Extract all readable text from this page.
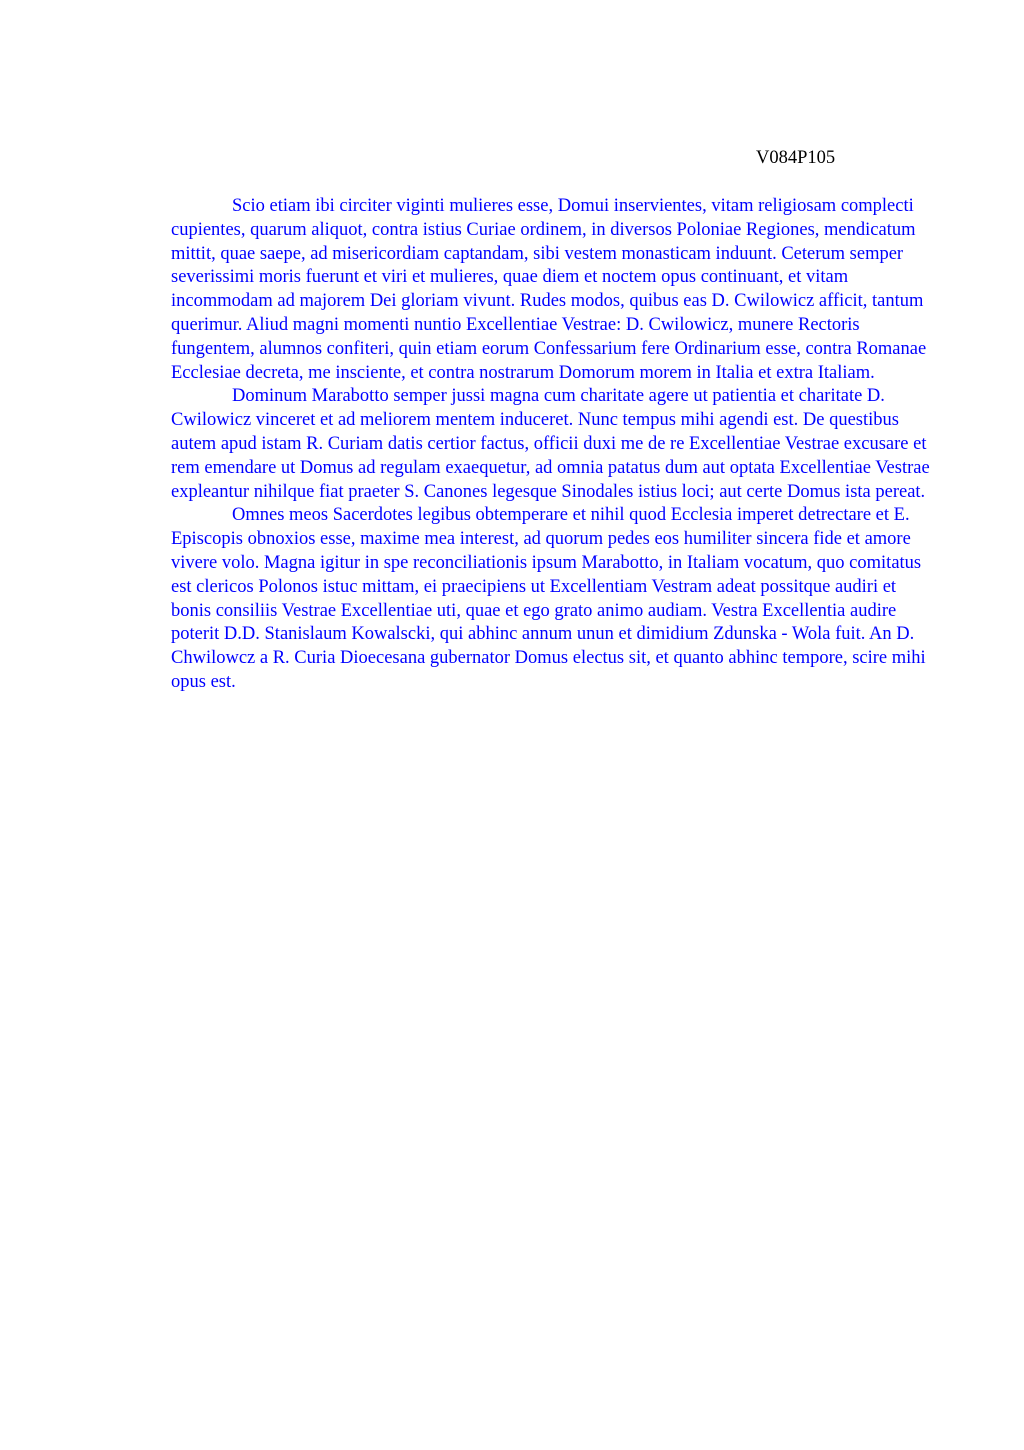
V084P105

Scio etiam ibi circiter viginti mulieres esse, Domui inservientes, vitam religiosam complecti cupientes, quarum aliquot, contra istius Curiae ordinem, in diversos Poloniae Regiones, mendicatum mittit, quae saepe, ad misericordiam captandam, sibi vestem monasticam induunt. Ceterum semper severissimi moris fuerunt et viri et mulieres, quae diem et noctem opus continuant, et vitam incommodam ad majorem Dei gloriam vivunt. Rudes modos, quibus eas D. Cwilowicz afficit, tantum querimur. Aliud magni momenti nuntio Excellentiae Vestrae: D. Cwilowicz, munere Rectoris fungentem, alumnos confiteri, quin etiam eorum Confessarium fere Ordinarium esse, contra Romanae Ecclesiae decreta, me insciente, et contra nostrarum Domorum morem in Italia et extra Italiam.

Dominum Marabotto semper jussi magna cum charitate agere ut patientia et charitate D. Cwilowicz vinceret et ad meliorem mentem induceret. Nunc tempus mihi agendi est. De questibus autem apud istam R. Curiam datis certior factus, officii duxi me de re Excellentiae Vestrae excusare et rem emendare ut Domus ad regulam exaequetur, ad omnia patatus dum aut optata Excellentiae Vestrae expleantur nihilque fiat praeter S. Canones legesque Sinodales istius loci; aut certe Domus ista pereat.

Omnes meos Sacerdotes legibus obtemperare et nihil quod Ecclesia imperet detrectare et E. Episcopis obnoxios esse, maxime mea interest, ad quorum pedes eos humiliter sincera fide et amore vivere volo. Magna igitur in spe reconciliationis ipsum Marabotto, in Italiam vocatum, quo comitatus est clericos Polonos istuc mittam, ei praecipiens ut Excellentiam Vestram adeat possitque audiri et bonis consiliis Vestrae Excellentiae uti, quae et ego grato animo audiam. Vestra Excellentia audire poterit D.D. Stanislaum Kowalscki, qui abhinc annum unun et dimidium Zdunska - Wola fuit. An D. Chwilowcz a R. Curia Dioecesana gubernator Domus electus sit, et quanto abhinc tempore, scire mihi opus est.
